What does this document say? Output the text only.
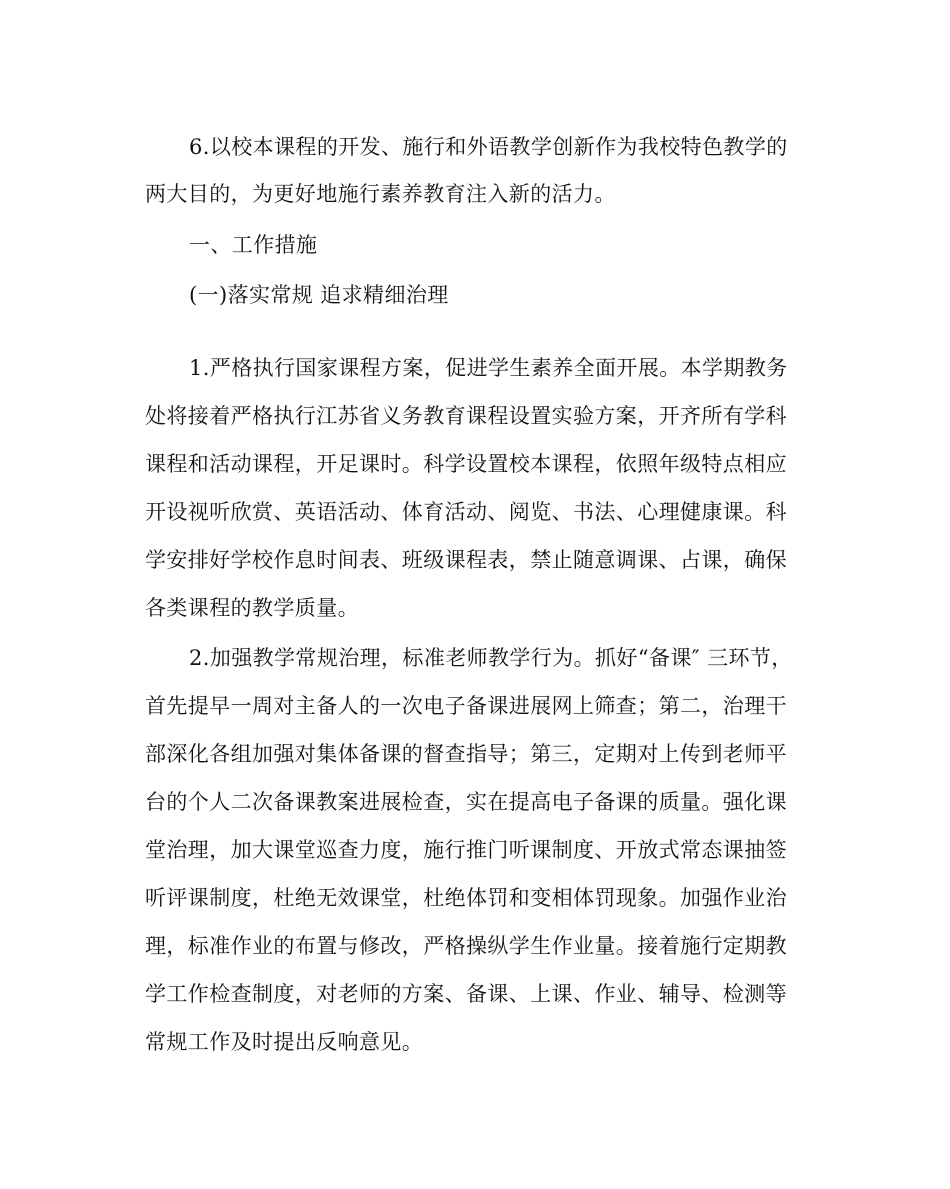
6.以校本课程的开发、施行和外语教学创新作为我校特色教学的
两大目的，为更好地施行素养教育注入新的活力。
一、工作措施
(一)落实常规 追求精细治理
1.严格执行国家课程方案，促进学生素养全面开展。本学期教务
处将接着严格执行江苏省义务教育课程设置实验方案，开齐所有学科
课程和活动课程，开足课时。科学设置校本课程，依照年级特点相应
开设视听欣赏、英语活动、体育活动、阅览、书法、心理健康课。科
学安排好学校作息时间表、班级课程表，禁止随意调课、占课，确保
各类课程的教学质量。
2.加强教学常规治理，标准老师教学行为。抓好“备课″ 三环节，
首先提早一周对主备人的一次电子备课进展网上筛查；第二，治理干
部深化各组加强对集体备课的督查指导；第三，定期对上传到老师平
台的个人二次备课教案进展检查，实在提高电子备课的质量。强化课
堂治理，加大课堂巡查力度，施行推门听课制度、开放式常态课抽签
听评课制度，杜绝无效课堂，杜绝体罚和变相体罚现象。加强作业治
理，标准作业的布置与修改，严格操纵学生作业量。接着施行定期教
学工作检查制度，对老师的方案、备课、上课、作业、辅导、检测等
常规工作及时提出反响意见。
